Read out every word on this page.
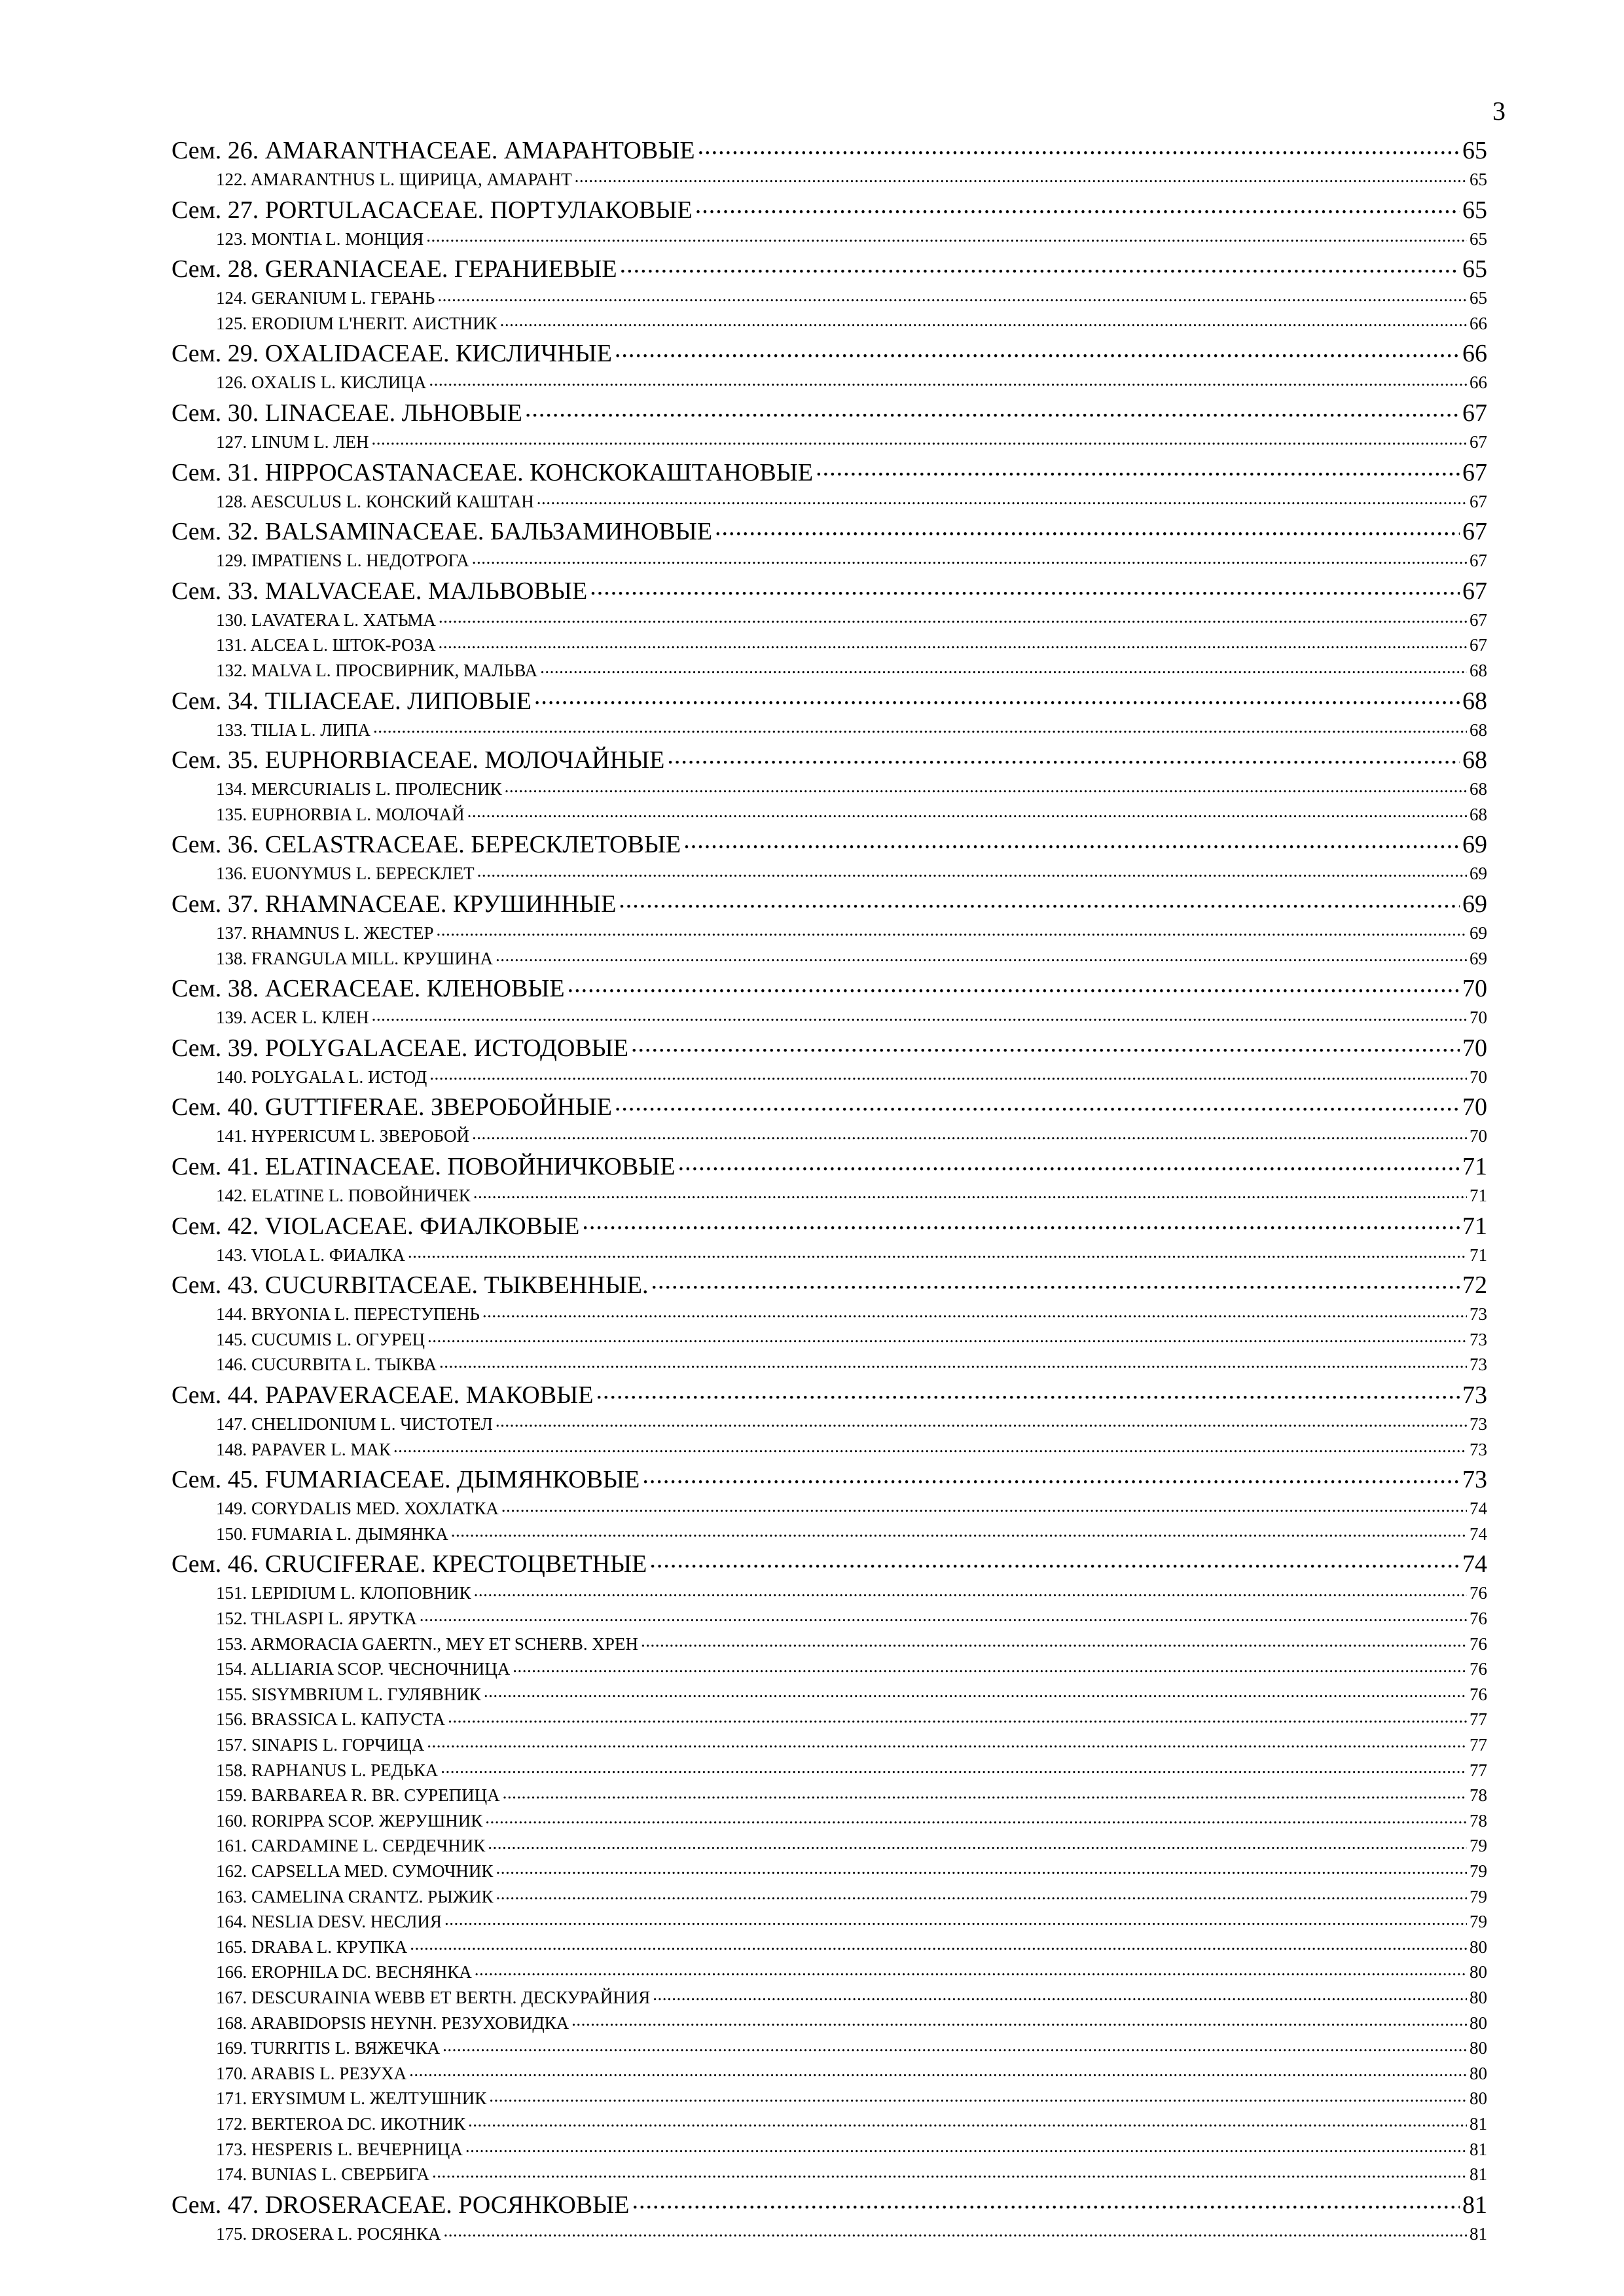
3
Сем. 26. AMARANTHACEAE. АМАРАНТОВЫЕ .....	65
122. AMARANTHUS L. ЩИРИЦА, АМАРАНТ .....	65
Сем. 27. PORTULACACEAE. ПОРТУЛАКОВЫЕ .....	65
123. MONTIA L. МОНЦИЯ .....	65
Сем. 28. GERANIACEAE. ГЕРАНИЕВЫЕ .....	65
124. GERANIUM L. ГЕРАНЬ .....	65
125. ERODIUM L'HERIT. АИСТНИК .....	66
Сем. 29. OXALIDACEAE. КИСЛИЧНЫЕ .....	66
126. OXALIS L. КИСЛИЦА .....	66
Сем. 30. LINACEAE. ЛЬНОВЫЕ .....	67
127. LINUM L. ЛЕН .....	67
Сем. 31. HIPPOCASTANACEAE. КОНСКОКАШТАНОВЫЕ .....	67
128. AESCULUS L. КОНСКИЙ КАШТАН .....	67
Сем. 32. BALSAMINACEAE. БАЛЬЗАМИНОВЫЕ .....	67
129. IMPATIENS L. НЕДОТРОГА .....	67
Сем. 33. MALVACEAE. МАЛЬВОВЫЕ .....	67
130. LAVATERA L. ХАТЬМА .....	67
131. ALCEA L. ШТОК-РОЗА .....	67
132. MALVA L. ПРОСВИРНИК, МАЛЬВА .....	68
Сем. 34. TILIACEAE. ЛИПОВЫЕ .....	68
133. TILIA L. ЛИПА .....	68
Сем. 35. EUPHORBIACEAE. МОЛОЧАЙНЫЕ .....	68
134. MERCURIALIS L. ПРОЛЕСНИК .....	68
135. EUPHORBIA L. МОЛОЧАЙ .....	68
Сем. 36. CELASTRACEAE. БЕРЕСКЛЕТОВЫЕ .....	69
136. EUONYMUS L. БЕРЕСКЛЕТ .....	69
Сем. 37. RHAMNACEAE. КРУШИННЫЕ .....	69
137. RHAMNUS L. ЖЕСТЕР .....	69
138. FRANGULA MILL. КРУШИНА .....	69
Сем. 38. ACERACEAE. КЛЕНОВЫЕ .....	70
139. ACER L. КЛЕН .....	70
Сем. 39. POLYGALACEAE. ИСТОДОВЫЕ .....	70
140. POLYGALA L. ИСТОД .....	70
Сем. 40. GUTTIFERAE. ЗВЕРОБОЙНЫЕ .....	70
141. HYPERICUM L. ЗВЕРОБОЙ .....	70
Сем. 41. ELATINACEAE. ПОВОЙНИЧКОВЫЕ .....	71
142. ELATINE L. ПОВОЙНИЧЕК .....	71
Сем. 42. VIOLACEAE. ФИАЛКОВЫЕ .....	71
143. VIOLA L. ФИАЛКА .....	71
Сем. 43. CUCURBITACEAE. ТЫКВЕННЫЕ. .....	72
144. BRYONIA L. ПЕРЕСТУПЕНЬ .....	73
145. CUCUMIS L. ОГУРЕЦ .....	73
146. CUCURBITA L. ТЫКВА .....	73
Сем. 44. PAPAVERACEAE. МАКОВЫЕ .....	73
147. CHELIDONIUM L. ЧИСТОТЕЛ .....	73
148. PAPAVER L. МАК .....	73
Сем. 45. FUMARIACEAE. ДЫМЯНКОВЫЕ .....	73
149. CORYDALIS MED. ХОХЛАТКА .....	74
150. FUMARIA L. ДЫМЯНКА .....	74
Сем. 46. CRUCIFERAE. КРЕСТОЦВЕТНЫЕ .....	74
151. LEPIDIUM L. КЛОПОВНИК .....	76
152. THLASPI L. ЯРУТКА .....	76
153. ARMORACIA GAERTN., MEY ET SCHERB. ХРЕН .....	76
154. ALLIARIA SCOP. ЧЕСНОЧНИЦА .....	76
155. SISYMBRIUM L. ГУЛЯВНИК .....	76
156. BRASSICA L. КАПУСТА .....	77
157. SINAPIS L. ГОРЧИЦА .....	77
158. RAPHANUS L. РЕДЬКА .....	77
159. BARBAREA R. BR. СУРЕПИЦА .....	78
160. RORIPPA SCOP. ЖЕРУШНИК .....	78
161. CARDAMINE L. СЕРДЕЧНИК .....	79
162. CAPSELLA MED. СУМОЧНИК .....	79
163. CAMELINA CRANTZ. РЫЖИК .....	79
164. NESLIA DESV. НЕСЛИЯ .....	79
165. DRABA L. КРУПКА .....	80
166. EROPHILA DC. ВЕСНЯНКА .....	80
167. DESCURAINIA WEBB ET BERTH. ДЕСКУРАЙНИЯ .....	80
168. ARABIDOPSIS HEYNH. РЕЗУХОВИДКА .....	80
169. TURRITIS L. ВЯЖЕЧКА .....	80
170. ARABIS L. РЕЗУХА .....	80
171. ERYSIMUM L. ЖЕЛТУШНИК .....	80
172. BERTEROA DC. ИКОТНИК .....	81
173. HESPERIS L. ВЕЧЕРНИЦА .....	81
174. BUNIAS L. СВЕРБИГА .....	81
Сем. 47. DROSERACEAE. РОСЯНКОВЫЕ .....	81
175. DROSERA L. РОСЯНКА .....	81
